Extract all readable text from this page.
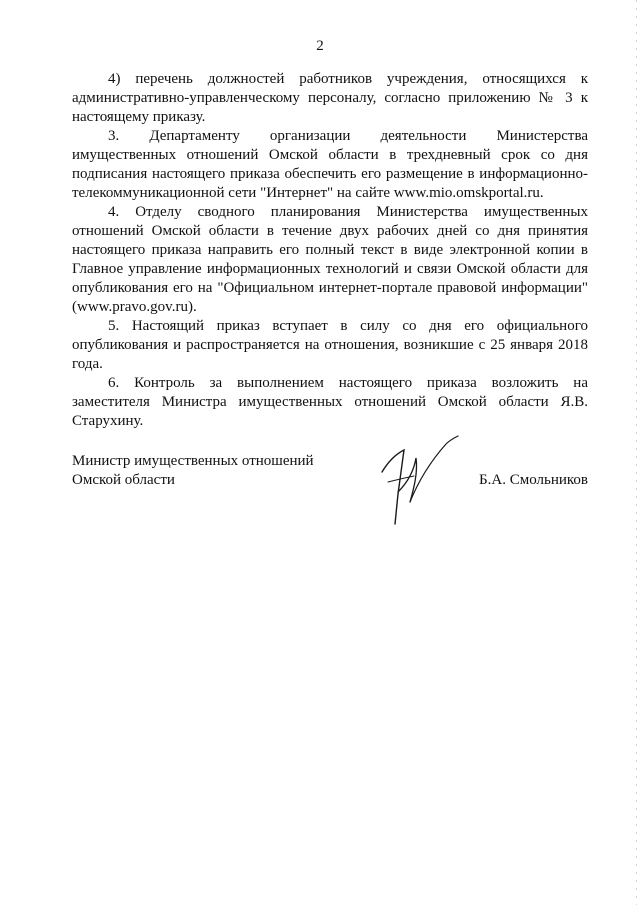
2

4) перечень должностей работников учреждения, относящихся к административно-управленческому персоналу, согласно приложению № 3 к настоящему приказу.

3. Департаменту организации деятельности Министерства имущественных отношений Омской области в трехдневный срок со дня подписания настоящего приказа обеспечить его размещение в информационно-телекоммуникационной сети "Интернет" на сайте www.mio.omskportal.ru.

4. Отделу сводного планирования Министерства имущественных отношений Омской области в течение двух рабочих дней со дня принятия настоящего приказа направить его полный текст в виде электронной копии в Главное управление информационных технологий и связи Омской области для опубликования его на "Официальном интернет-портале правовой информации" (www.pravo.gov.ru).

5. Настоящий приказ вступает в силу со дня его официального опубликования и распространяется на отношения, возникшие с 25 января 2018 года.

6. Контроль за выполнением настоящего приказа возложить на заместителя Министра имущественных отношений Омской области Я.В. Старухину.

Министр имущественных отношений
Омской области	Б.А. Смольников
